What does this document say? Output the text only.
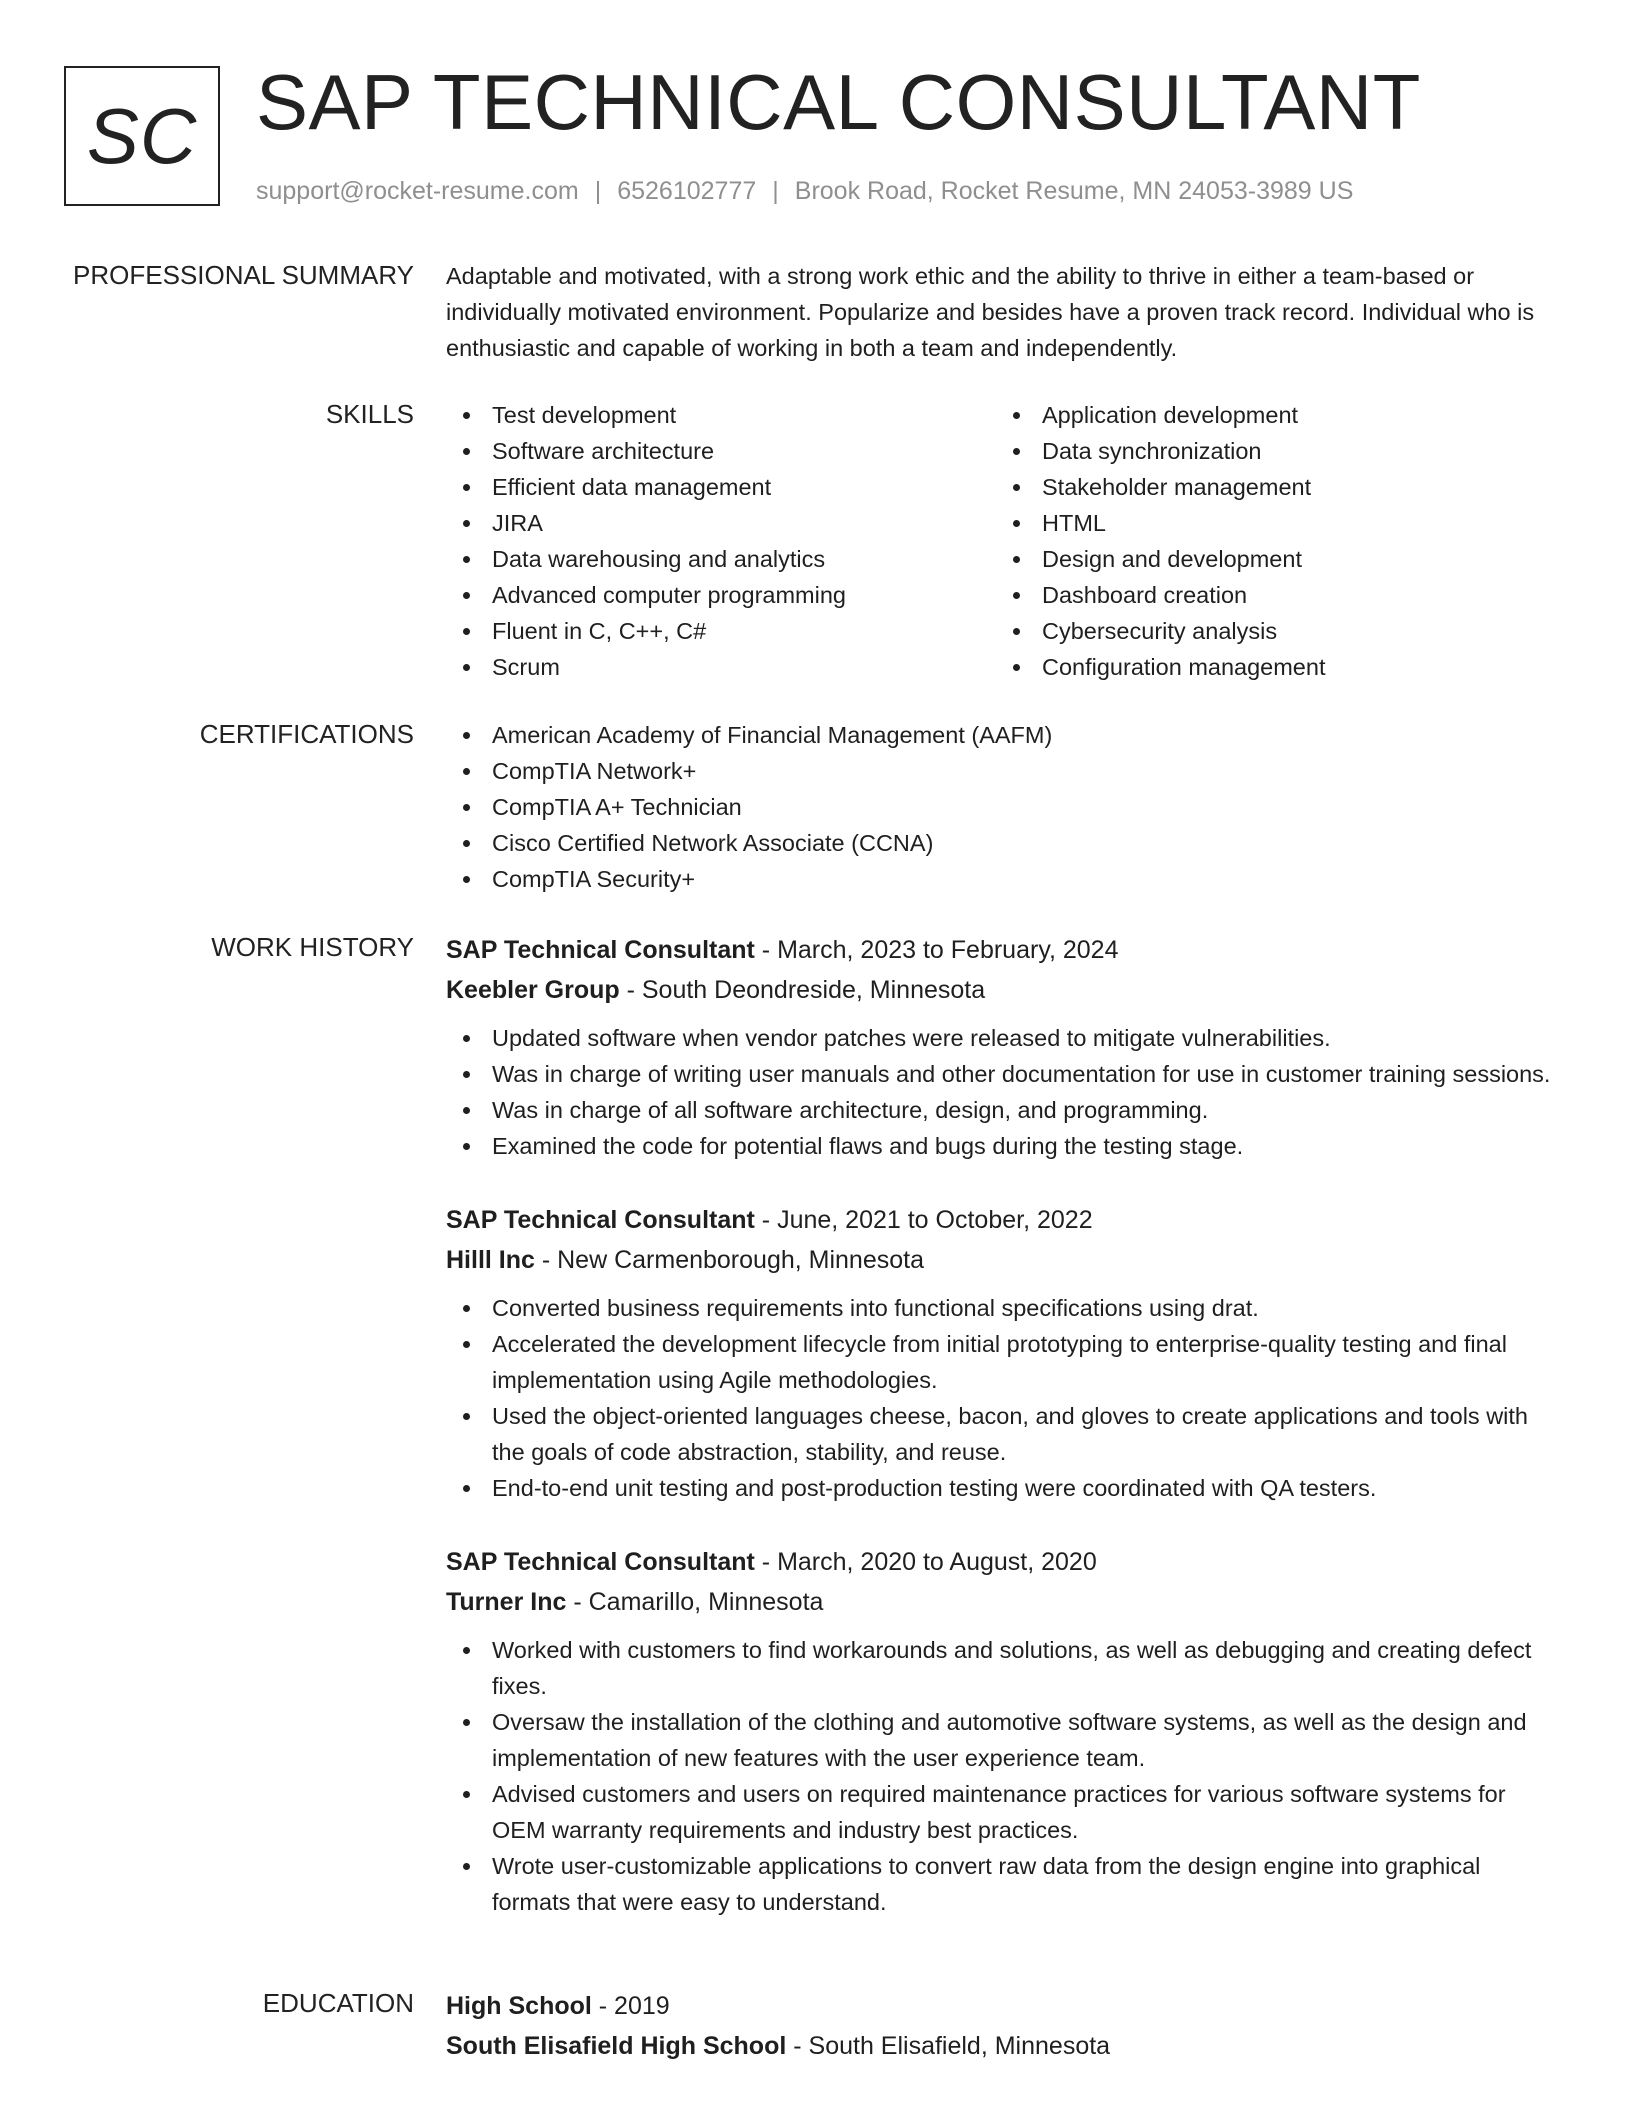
SC SAP TECHNICAL CONSULTANT
support@rocket-resume.com | 6526102777 | Brook Road, Rocket Resume, MN 24053-3989 US
PROFESSIONAL SUMMARY Adaptable and motivated, with a strong work ethic and the ability to thrive in either a team-based or individually motivated environment. Popularize and besides have a proven track record. Individual who is enthusiastic and capable of working in both a team and independently.

SKILLS	Test development
Software architecture
Efficient data management
JIRA
Data warehousing and analytics
Advanced computer programming
Fluent in C, C++, C#
Scrum
Application development
Data synchronization
Stakeholder management
HTML
Design and development
Dashboard creation
Cybersecurity analysis
Configuration management
CERTIFICATIONS	American Academy of Financial Management (AAFM)
CompTIA Network+
CompTIA A+ Technician
Cisco Certified Network Associate (CCNA)
CompTIA Security+
WORK HISTORY SAP Technical Consultant - March, 2023 to February, 2024
Keebler Group - South Deondreside, Minnesota
Updated software when vendor patches were released to mitigate vulnerabilities.
Was in charge of writing user manuals and other documentation for use in customer training sessions.
Was in charge of all software architecture, design, and programming.
Examined the code for potential flaws and bugs during the testing stage.
SAP Technical Consultant - June, 2021 to October, 2022
Hilll Inc - New Carmenborough, Minnesota
Converted business requirements into functional specifications using drat.
Accelerated the development lifecycle from initial prototyping to enterprise-quality testing and final implementation using Agile methodologies.
Used the object-oriented languages cheese, bacon, and gloves to create applications and tools with the goals of code abstraction, stability, and reuse.
End-to-end unit testing and post-production testing were coordinated with QA testers.
SAP Technical Consultant - March, 2020 to August, 2020
Turner Inc - Camarillo, Minnesota
Worked with customers to find workarounds and solutions, as well as debugging and creating defect fixes.
Oversaw the installation of the clothing and automotive software systems, as well as the design and implementation of new features with the user experience team.
Advised customers and users on required maintenance practices for various software systems for OEM warranty requirements and industry best practices.
Wrote user-customizable applications to convert raw data from the design engine into graphical formats that were easy to understand.
EDUCATION High School - 2019
South Elisafield High School - South Elisafield, Minnesota
